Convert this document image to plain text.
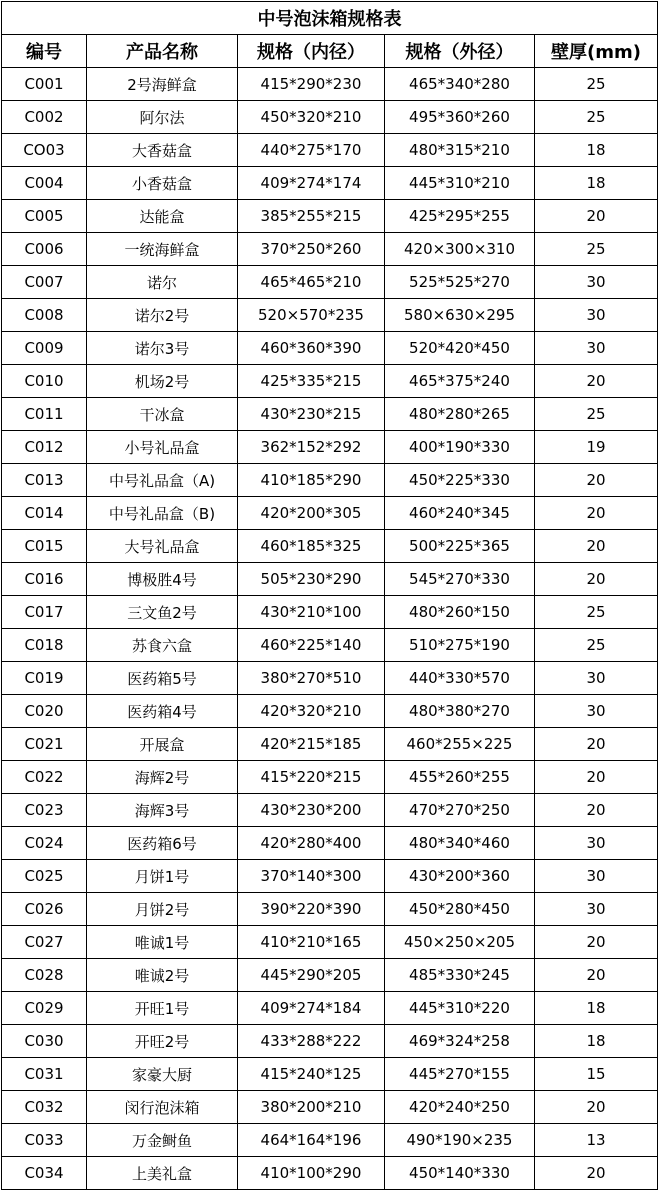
中号泡沫箱规格表				
编号	产品名称	规格（内径）	规格（外径）	壁厚(mm)
C001	2号海鲜盒	415*290*230	465*340*280	25
C002	阿尔法	450*320*210	495*360*260	25
CO03	大香菇盒	440*275*170	480*315*210	18
C004	小香菇盒	409*274*174	445*310*210	18
C005	达能盒	385*255*215	425*295*255	20
C006	一统海鲜盒	370*250*260	420×300×310	25
C007	诺尔	465*465*210	525*525*270	30
C008	诺尔2号	520×570*235	580×630×295	30
C009	诺尔3号	460*360*390	520*420*450	30
C010	机场2号	425*335*215	465*375*240	20
C011	干冰盒	430*230*215	480*280*265	25
C012	小号礼品盒	362*152*292	400*190*330	19
C013	中号礼品盒（A)	410*185*290	450*225*330	20
C014	中号礼品盒（B)	420*200*305	460*240*345	20
C015	大号礼品盒	460*185*325	500*225*365	20
C016	博极胜4号	505*230*290	545*270*330	20
C017	三文鱼2号	430*210*100	480*260*150	25
C018	苏食六盒	460*225*140	510*275*190	25
C019	医药箱5号	380*270*510	440*330*570	30
C020	医药箱4号	420*320*210	480*380*270	30
C021	开展盒	420*215*185	460*255×225	20
C022	海辉2号	415*220*215	455*260*255	20
C023	海辉3号	430*230*200	470*270*250	20
C024	医药箱6号	420*280*400	480*340*460	30
C025	月饼1号	370*140*300	430*200*360	30
C026	月饼2号	390*220*390	450*280*450	30
C027	唯诚1号	410*210*165	450×250×205	20
C028	唯诚2号	445*290*205	485*330*245	20
C029	开旺1号	409*274*184	445*310*220	18
C030	开旺2号	433*288*222	469*324*258	18
C031	家豪大厨	415*240*125	445*270*155	15
C032	闵行泡沫箱	380*200*210	420*240*250	20
C033	万金鲥鱼	464*164*196	490*190×235	13
C034	上美礼盒	410*100*290	450*140*330	20
